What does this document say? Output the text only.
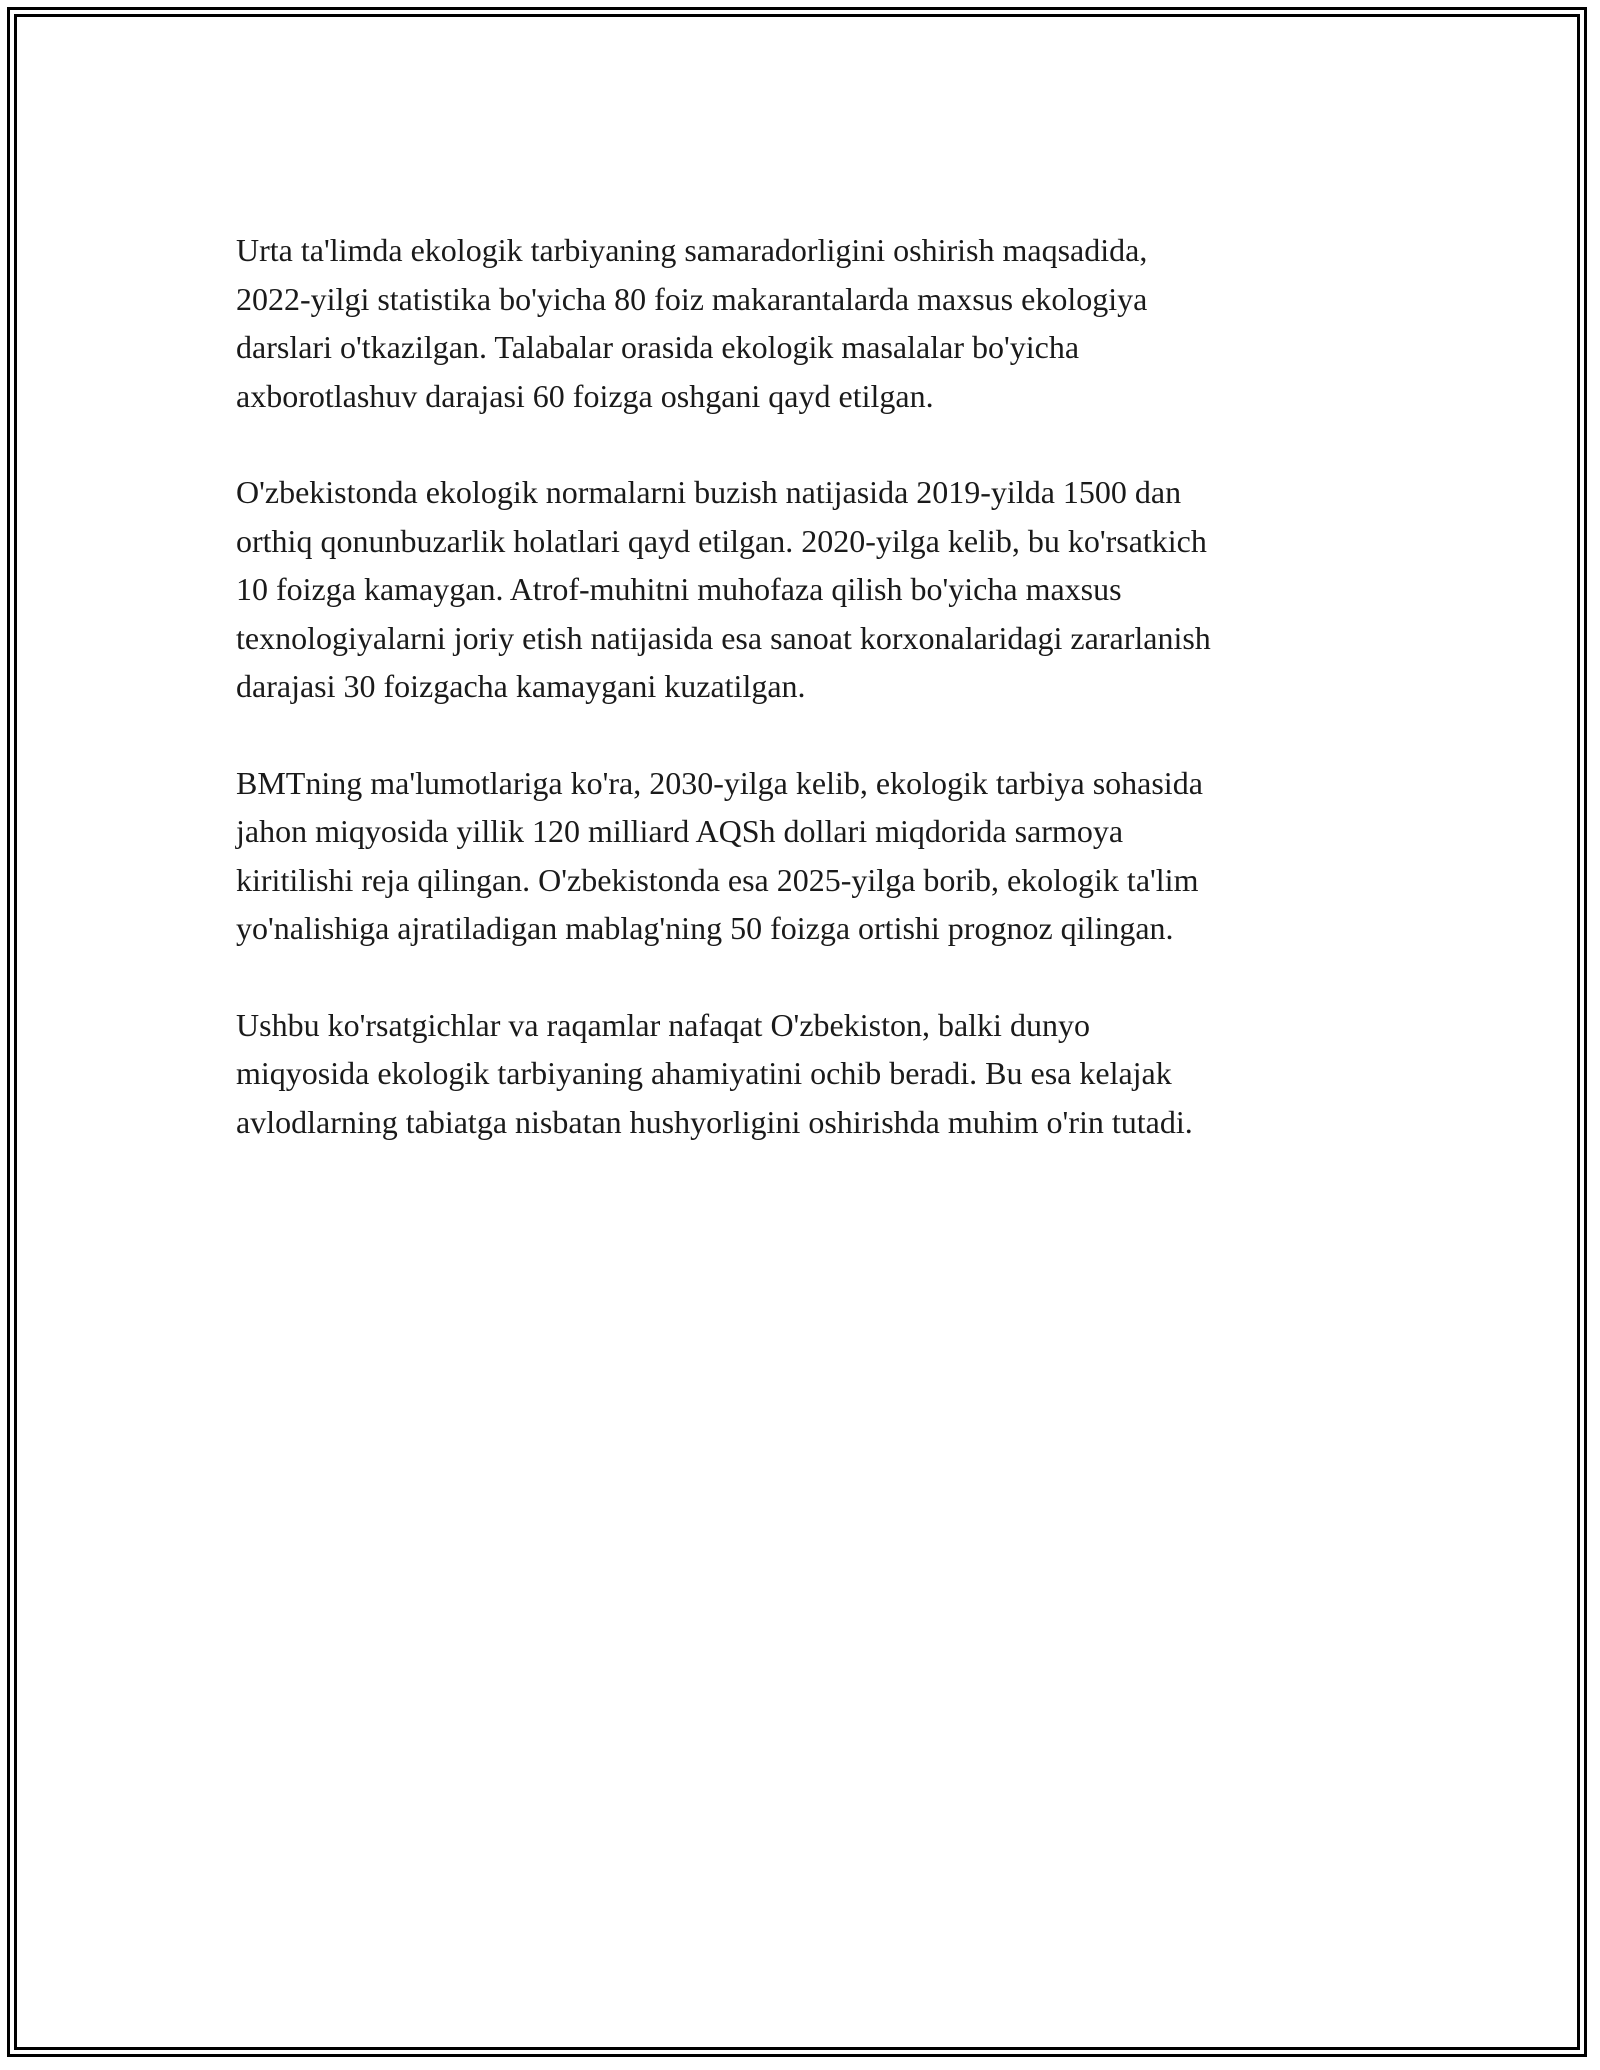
Urta ta'limda ekologik tarbiyaning samaradorligini oshirish maqsadida,
2022-yilgi statistika bo'yicha 80 foiz makarantalarda maxsus ekologiya
darslari o'tkazilgan. Talabalar orasida ekologik masalalar bo'yicha
axborotlashuv darajasi 60 foizga oshgani qayd etilgan.

O'zbekistonda ekologik normalarni buzish natijasida 2019-yilda 1500 dan
orthiq qonunbuzarlik holatlari qayd etilgan. 2020-yilga kelib, bu ko'rsatkich
10 foizga kamaygan. Atrof-muhitni muhofaza qilish bo'yicha maxsus
texnologiyalarni joriy etish natijasida esa sanoat korxonalaridagi zararlanish
darajasi 30 foizgacha kamaygani kuzatilgan.

BMTning ma'lumotlariga ko'ra, 2030-yilga kelib, ekologik tarbiya sohasida
jahon miqyosida yillik 120 milliard AQSh dollari miqdorida sarmoya
kiritilishi reja qilingan. O'zbekistonda esa 2025-yilga borib, ekologik ta'lim
yo'nalishiga ajratiladigan mablag'ning 50 foizga ortishi prognoz qilingan.

Ushbu ko'rsatgichlar va raqamlar nafaqat O'zbekiston, balki dunyo
miqyosida ekologik tarbiyaning ahamiyatini ochib beradi. Bu esa kelajak
avlodlarning tabiatga nisbatan hushyorligini oshirishda muhim o'rin tutadi.
